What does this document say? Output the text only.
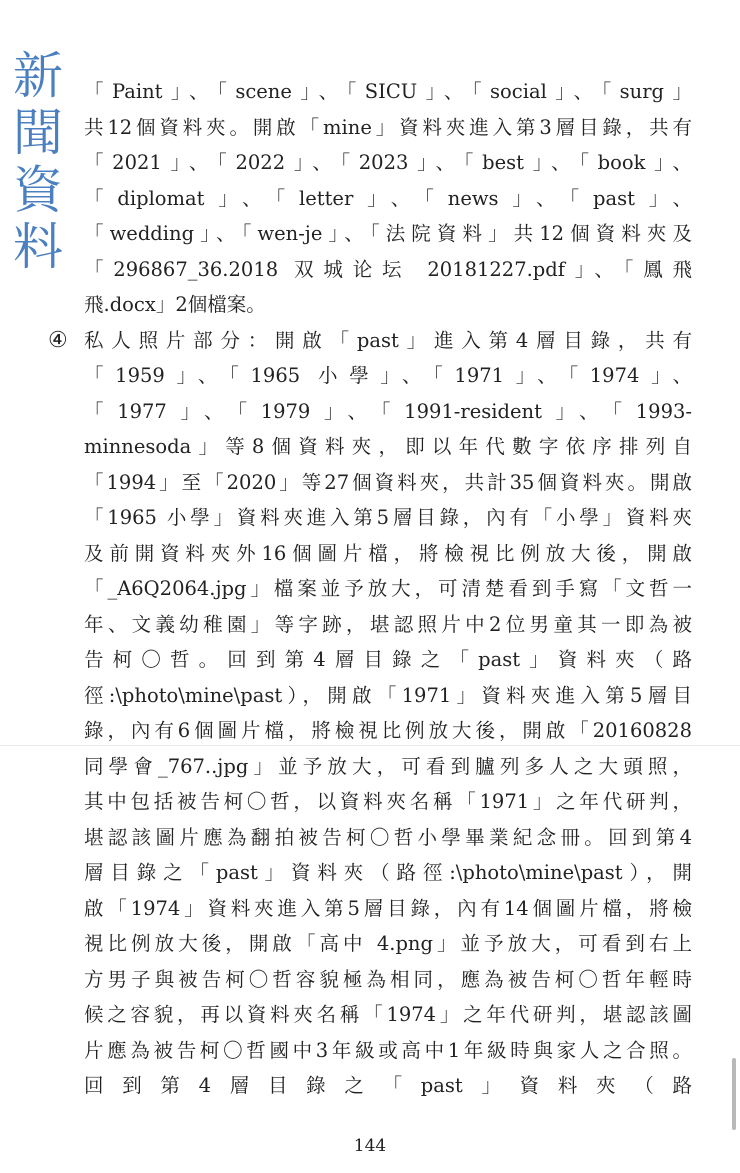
新
聞
資
料
「Paint」、「scene」、「SICU」、「social」、「surg」
共12個資料夾。開啟「mine」資料夾進入第3層目錄，共有
「2021」、「2022」、「2023」、「best」、「book」、
「diplomat」、「letter」、「news」、「past」、
「wedding」、「wen-je」、「法院資料」共12個資料夾及
「296867_36.2018 双城论坛 20181227.pdf」、「鳳飛
飛.docx」2個檔案。
④ 私人照片部分：開啟「past」進入第4層目錄，共有
「1959」、「1965 小學」、「1971」、「1974」、
「1977」、「1979」、「1991-resident」、「1993-
minnesoda」等8個資料夾，即以年代數字依序排列自
「1994」至「2020」等27個資料夾，共計35個資料夾。開啟
「1965 小學」資料夾進入第5層目錄，內有「小學」資料夾
及前開資料夾外16個圖片檔，將檢視比例放大後，開啟
「_A6Q2064.jpg」檔案並予放大，可清楚看到手寫「文哲一
年、文義幼稚園」等字跡，堪認照片中2位男童其一即為被
告柯〇哲。回到第4層目錄之「past」資料夾（路
徑:\photo\mine\past），開啟「1971」資料夾進入第5層目
錄，內有6個圖片檔，將檢視比例放大後，開啟「20160828
同學會_767..jpg」並予放大，可看到臚列多人之大頭照，
其中包括被告柯〇哲，以資料夾名稱「1971」之年代研判，
堪認該圖片應為翻拍被告柯〇哲小學畢業紀念冊。回到第4
層目錄之「past」資料夾（路徑:\photo\mine\past），開
啟「1974」資料夾進入第5層目錄，內有14個圖片檔，將檢
視比例放大後，開啟「高中 4.png」並予放大，可看到右上
方男子與被告柯〇哲容貌極為相同，應為被告柯〇哲年輕時
候之容貌，再以資料夾名稱「1974」之年代研判，堪認該圖
片應為被告柯〇哲國中3年級或高中1年級時與家人之合照。
回到第4層目錄之「past」資料夾（路
144
